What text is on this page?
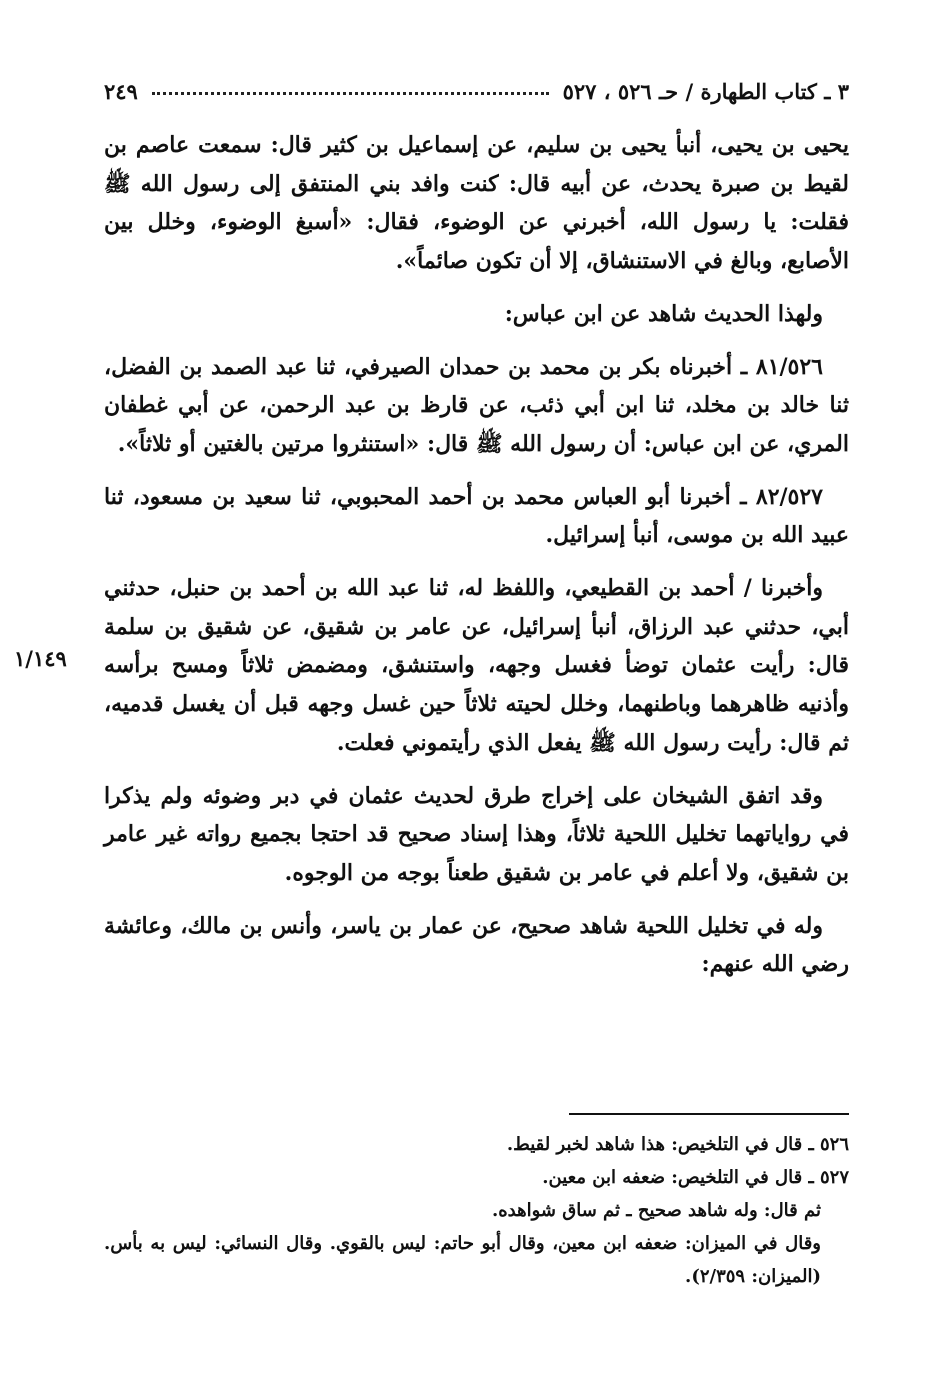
٣ ـ كتاب الطهارة / حـ ٥٢٦ ، ٥٢٧
٢٤٩

يحيى بن يحيى، أنبأ يحيى بن سليم، عن إسماعيل بن كثير قال: سمعت عاصم بن لقيط بن صبرة يحدث، عن أبيه قال: كنت وافد بني المنتفق إلى رسول الله ﷺ فقلت: يا رسول الله، أخبرني عن الوضوء، فقال: «أسبغ الوضوء، وخلل بين الأصابع، وبالغ في الاستنشاق، إلا أن تكون صائماً».

ولهذا الحديث شاهد عن ابن عباس:

٨١/٥٢٦ ـ أخبرناه بكر بن محمد بن حمدان الصيرفي، ثنا عبد الصمد بن الفضل، ثنا خالد بن مخلد، ثنا ابن أبي ذئب، عن قارظ بن عبد الرحمن، عن أبي غطفان المري، عن ابن عباس: أن رسول الله ﷺ قال: «استنثروا مرتين بالغتين أو ثلاثاً».

٨٢/٥٢٧ ـ أخبرنا أبو العباس محمد بن أحمد المحبوبي، ثنا سعيد بن مسعود، ثنا عبيد الله بن موسى، أنبأ إسرائيل.

وأخبرنا / أحمد بن القطيعي، واللفظ له، ثنا عبد الله بن أحمد بن حنبل، حدثني أبي، حدثني عبد الرزاق، أنبأ إسرائيل، عن عامر بن شقيق، عن شقيق بن سلمة قال: رأيت عثمان توضأ فغسل وجهه، واستنشق، ومضمض ثلاثاً ومسح برأسه وأذنيه ظاهرهما وباطنهما، وخلل لحيته ثلاثاً حين غسل وجهه قبل أن يغسل قدميه، ثم قال: رأيت رسول الله ﷺ يفعل الذي رأيتموني فعلت.

وقد اتفق الشيخان على إخراج طرق لحديث عثمان في دبر وضوئه ولم يذكرا في رواياتهما تخليل اللحية ثلاثاً، وهذا إسناد صحيح قد احتجا بجميع رواته غير عامر بن شقيق، ولا أعلم في عامر بن شقيق طعناً بوجه من الوجوه.

وله في تخليل اللحية شاهد صحيح، عن عمار بن ياسر، وأنس بن مالك، وعائشة رضي الله عنهم:

١/١٤٩

٥٢٦ ـ قال في التلخيص: هذا شاهد لخبر لقيط.

٥٢٧ ـ قال في التلخيص: ضعفه ابن معين.

ثم قال: وله شاهد صحيح ـ ثم ساق شواهده.

وقال في الميزان: ضعفه ابن معين، وقال أبو حاتم: ليس بالقوي. وقال النسائي: ليس به بأس. (الميزان: ٢/٣٥٩).
